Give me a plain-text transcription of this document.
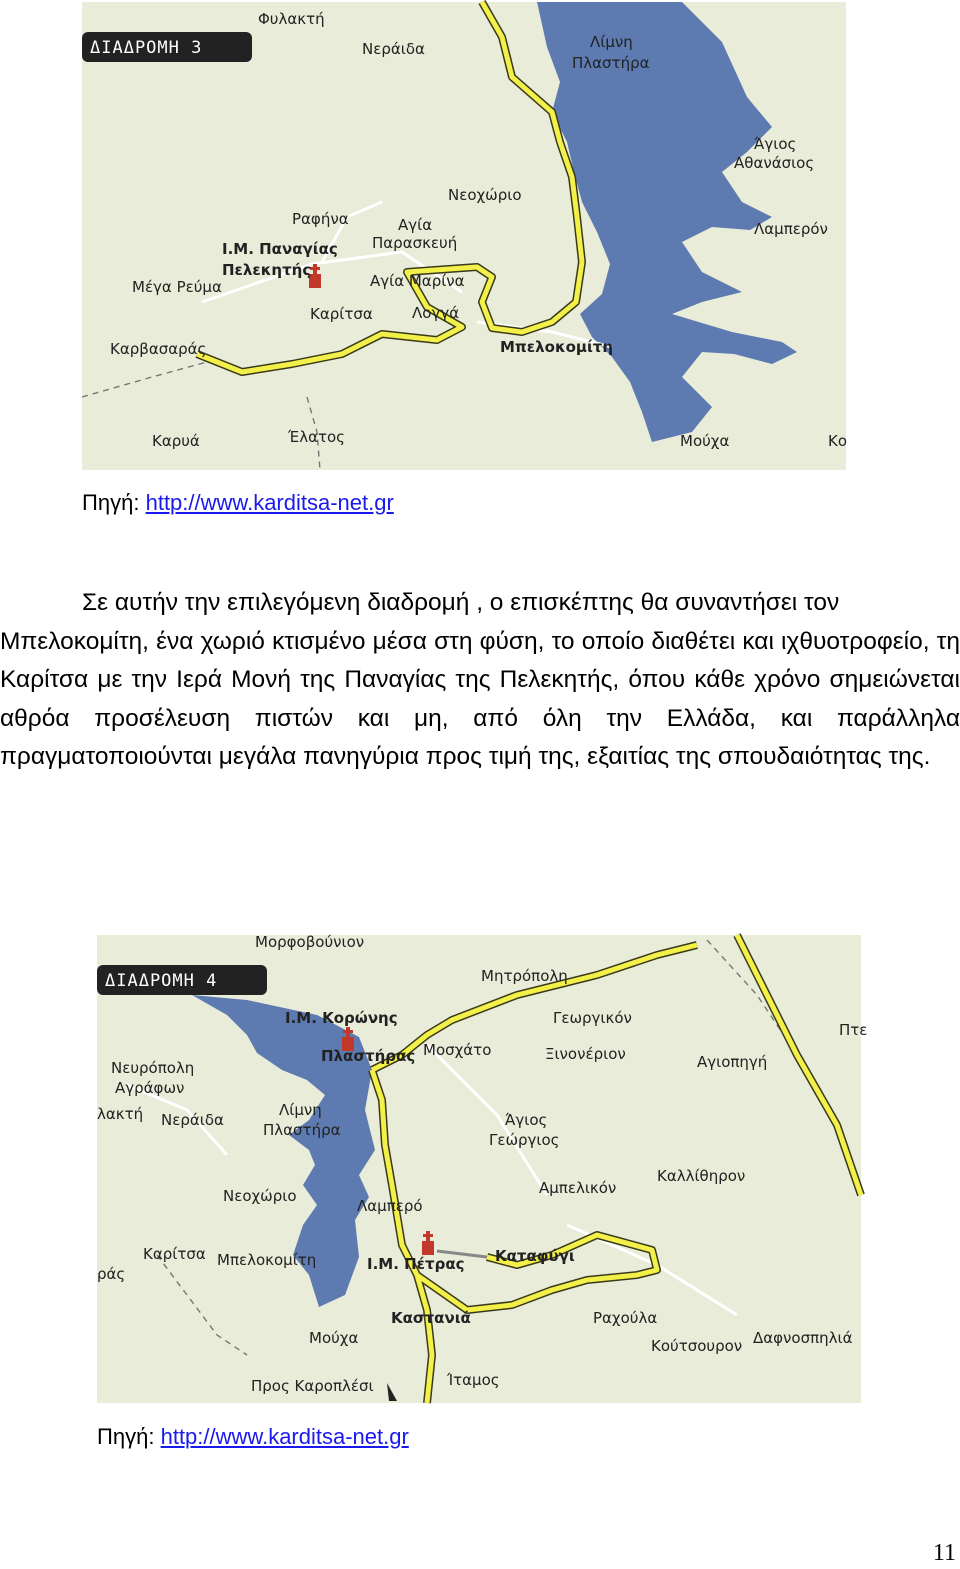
ΔΙΑΔΡΟΜΗ 3
Φυλακτή
Νεράιδα	Λίμνη
Πλαστήρα
Άγιος
Αθανάσιος
Νεοχώριο
Λαμπερόν
Ραφήνα	Αγία
Παρασκευή
Ι.Μ. Παναγίας
Πελεκητής
Μέγα Ρεύμα	Αγία Μαρίνα
Καρίτσα	Λογγά
Καρβασαράς	Μπελοκομίτη
Καρυά	Έλατος	Μούχα	Κο
Πηγή: http://www.karditsa-net.gr

Σε αυτήν την επιλεγόμενη διαδρομή , ο επισκέπτης θα συναντήσει τον
Μπελοκομίτη, ένα χωριό κτισμένο μέσα στη φύση, το οποίο διαθέτει και ιχθυοτροφείο, τη Καρίτσα με την Ιερά Μονή της Παναγίας της Πελεκητής, όπου κάθε χρόνο σημειώνεται αθρόα προσέλευση πιστών και μη, από όλη την Ελλάδα, και παράλληλα πραγματοποιούνται μεγάλα πανηγύρια προς τιμή της, εξαιτίας της σπουδαιότητας της.

ΔΙΑΔΡΟΜΗ 4
Μορφοβούνιον
Μητρόπολη
Ι.Μ. Κορώνης	Γεωργικόν
Πτε
Πλαστήρας Μοσχάτο	Ξινονέριον
Νευρόπολη
Αγράφων
Αγιοπηγή
λακτή Νεράιδα
Λίμνη
Πλαστήρα
Άγιος
Γεώργιος
Καλλίθηρον
Νεοχώριο	Αμπελικόν
Λαμπερό
Καρίτσα Μπελοκομίτη	Ι.Μ. Πέτρας Καταφύγι
ράς
Ραχούλα
Καστανιά
Μούχα	Κούτσουρον Δαφνοσπηλιά
Προς Καροπλέσι	Ίταμος
Πηγή: http://www.karditsa-net.gr
11
